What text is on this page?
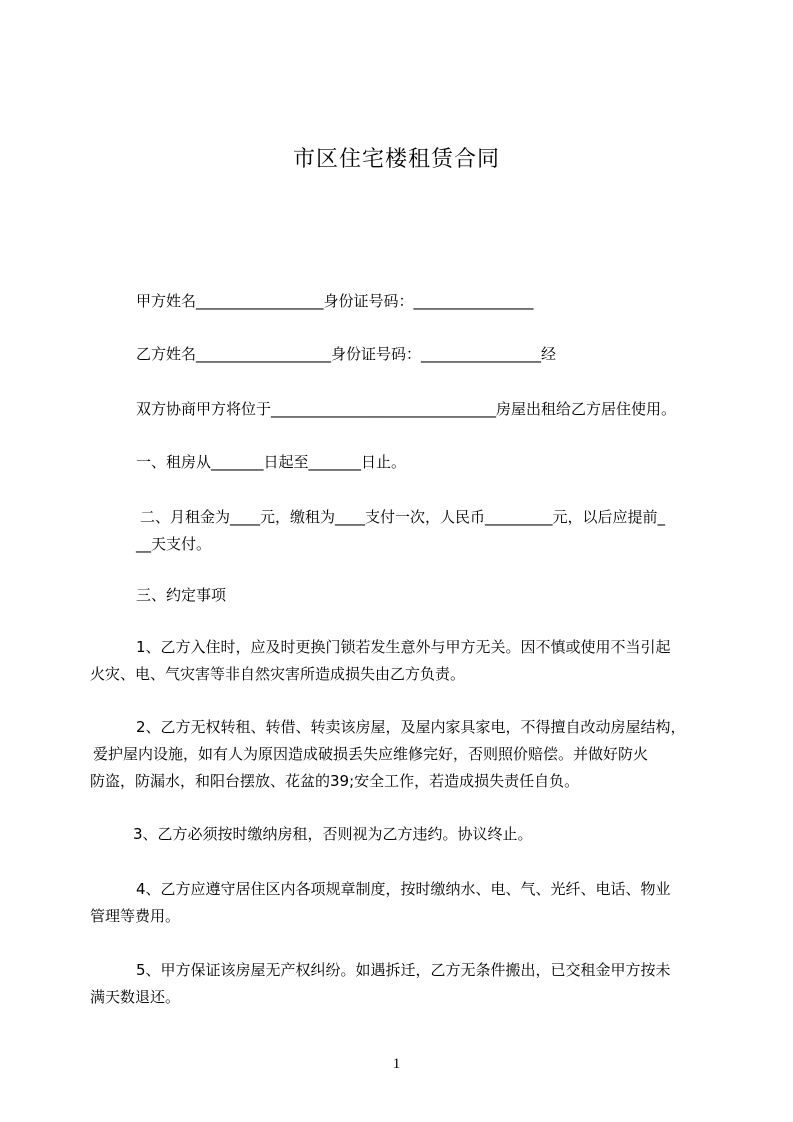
市区住宅楼租赁合同
甲方姓名_________________身份证号码：________________
乙方姓名__________________身份证号码：________________经
双方协商甲方将位于______________________________房屋出租给乙方居住使用。
一、租房从_______日起至_______日止。
二、月租金为____元，缴租为____支付一次，人民币_________元，以后应提前_
__天支付。
三、约定事项
1、乙方入住时，应及时更换门锁若发生意外与甲方无关。因不慎或使用不当引起
火灾、电、气灾害等非自然灾害所造成损失由乙方负责。
2、乙方无权转租、转借、转卖该房屋，及屋内家具家电，不得擅自改动房屋结构，
爱护屋内设施，如有人为原因造成破损丢失应维修完好，否则照价赔偿。并做好防火
防盗，防漏水，和阳台摆放、花盆的39;安全工作，若造成损失责任自负。
3、乙方必须按时缴纳房租，否则视为乙方违约。协议终止。
4、乙方应遵守居住区内各项规章制度，按时缴纳水、电、气、光纤、电话、物业
管理等费用。
5、甲方保证该房屋无产权纠纷。如遇拆迁，乙方无条件搬出，已交租金甲方按未
满天数退还。
1
